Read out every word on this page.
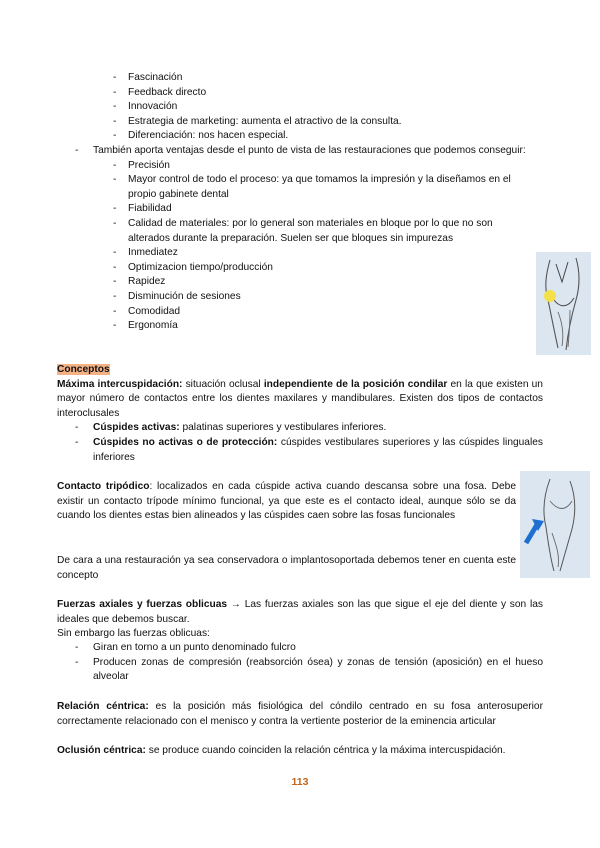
- Fascinación
- Feedback directo
- Innovación
- Estrategia de marketing: aumenta el atractivo de la consulta.
- Diferenciación: nos hacen especial.
- También aporta ventajas desde el punto de vista de las restauraciones que podemos conseguir:
- Precisión
- Mayor control de todo el proceso: ya que tomamos la impresión y la diseñamos en el propio gabinete dental
- Fiabilidad
- Calidad de materiales: por lo general son materiales en bloque por lo que no son alterados durante la preparación. Suelen ser que bloques sin impurezas
- Inmediatez
- Optimizacion tiempo/producción
- Rapidez
- Disminución de sesiones
- Comodidad
- Ergonomía
Conceptos
Máxima intercuspidación: situación oclusal independiente de la posición condilar en la que existen un mayor número de contactos entre los dientes maxilares y mandibulares. Existen dos tipos de contactos interoclusales
- Cúspides activas: palatinas superiores y vestibulares inferiores.
- Cúspides no activas o de protección: cúspides vestibulares superiores y las cúspides linguales inferiores
Contacto tripódico: localizados en cada cúspide activa cuando descansa sobre una fosa. Debe existir un contacto trípode mínimo funcional, ya que este es el contacto ideal, aunque sólo se da cuando los dientes estas bien alineados y las cúspides caen sobre las fosas funcionales
De cara a una restauración ya sea conservadora o implantosoportada debemos tener en cuenta este concepto
Fuerzas axiales y fuerzas oblicuas → Las fuerzas axiales son las que sigue el eje del diente y son las ideales que debemos buscar.
Sin embargo las fuerzas oblicuas:
- Giran en torno a un punto denominado fulcro
- Producen zonas de compresión (reabsorción ósea) y zonas de tensión (aposición) en el hueso alveolar
Relación céntrica: es la posición más fisiológica del cóndilo centrado en su fosa anterosuperior correctamente relacionado con el menisco y contra la vertiente posterior de la eminencia articular
Oclusión céntrica: se produce cuando coinciden la relación céntrica y la máxima intercuspidación.
113
